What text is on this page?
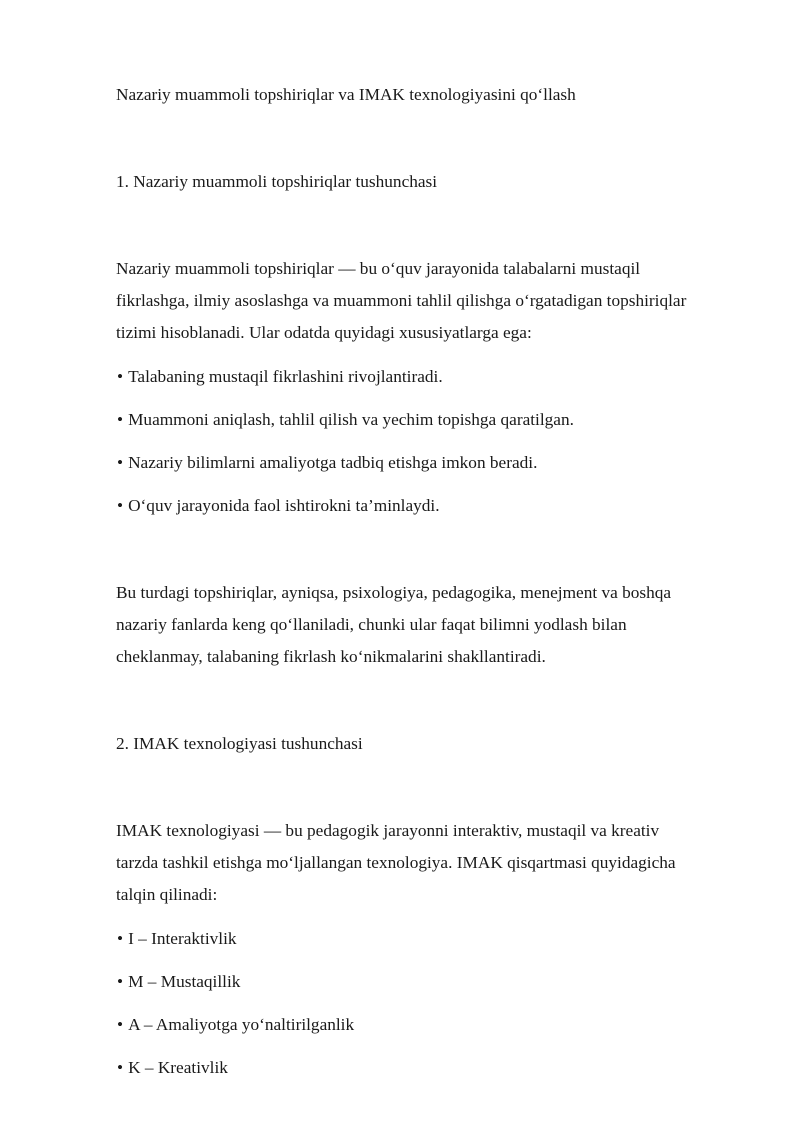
Nazariy muammoli topshiriqlar va IMAK texnologiyasini qo‘llash
1. Nazariy muammoli topshiriqlar tushunchasi
Nazariy muammoli topshiriqlar — bu o‘quv jarayonida talabalarni mustaqil
fikrlashga, ilmiy asoslashga va muammoni tahlil qilishga o‘rgatadigan topshiriqlar
tizimi hisoblanadi. Ular odatda quyidagi xususiyatlarga ega:
• Talabaning mustaqil fikrlashini rivojlantiradi.
• Muammoni aniqlash, tahlil qilish va yechim topishga qaratilgan.
• Nazariy bilimlarni amaliyotga tadbiq etishga imkon beradi.
• O‘quv jarayonida faol ishtirokni ta’minlaydi.
Bu turdagi topshiriqlar, ayniqsa, psixologiya, pedagogika, menejment va boshqa
nazariy fanlarda keng qo‘llaniladi, chunki ular faqat bilimni yodlash bilan
cheklanmay, talabaning fikrlash ko‘nikmalarini shakllantiradi.
2. IMAK texnologiyasi tushunchasi
IMAK texnologiyasi — bu pedagogik jarayonni interaktiv, mustaqil va kreativ
tarzda tashkil etishga mo‘ljallangan texnologiya. IMAK qisqartmasi quyidagicha
talqin qilinadi:
• I – Interaktivlik
• M – Mustaqillik
• A – Amaliyotga yo‘naltirilganlik
• K – Kreativlik
